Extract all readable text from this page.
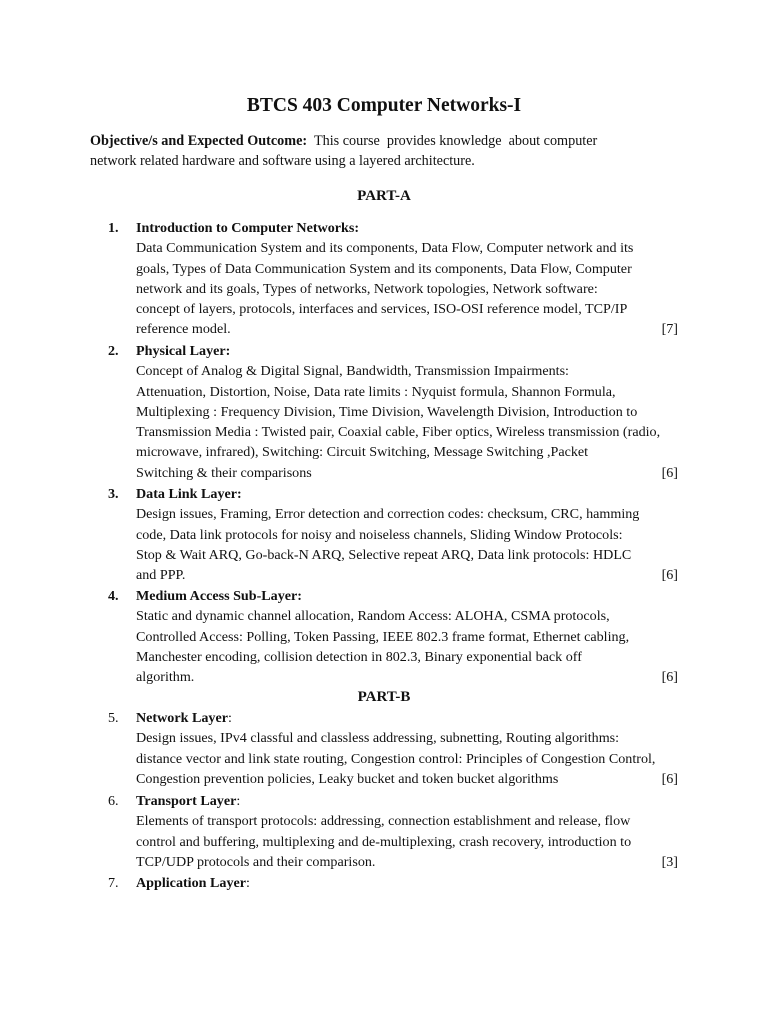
BTCS 403 Computer Networks-I
Objective/s and Expected Outcome:  This course  provides knowledge  about computer
network related hardware and software using a layered architecture.
PART-A
1.	Introduction to Computer Networks:
Data Communication System and its components, Data Flow, Computer network and its
goals, Types of Data Communication System and its components, Data Flow, Computer
network and its goals, Types of networks, Network topologies, Network software:
concept of layers, protocols, interfaces and services, ISO-OSI reference model, TCP/IP
reference model.	[7]
2.	Physical Layer:
Concept of Analog & Digital Signal, Bandwidth, Transmission Impairments:
Attenuation, Distortion, Noise, Data rate limits : Nyquist formula, Shannon Formula,
Multiplexing : Frequency Division, Time Division, Wavelength Division, Introduction to
Transmission Media : Twisted pair, Coaxial cable, Fiber optics, Wireless transmission (radio,
microwave, infrared), Switching: Circuit Switching, Message Switching ,Packet
Switching & their comparisons	[6]
3.	Data Link Layer:
Design issues, Framing, Error detection and correction codes: checksum, CRC, hamming
code, Data link protocols for noisy and noiseless channels, Sliding Window Protocols:
Stop & Wait ARQ, Go-back-N ARQ, Selective repeat ARQ, Data link protocols: HDLC
and PPP.	[6]
4.	Medium Access Sub-Layer:
Static and dynamic channel allocation, Random Access: ALOHA, CSMA protocols,
Controlled Access: Polling, Token Passing, IEEE 802.3 frame format, Ethernet cabling,
Manchester encoding, collision detection in 802.3, Binary exponential back off
algorithm.	[6]
PART-B
5.	Network Layer:
Design issues, IPv4 classful and classless addressing, subnetting, Routing algorithms:
distance vector and link state routing, Congestion control: Principles of Congestion Control,
Congestion prevention policies, Leaky bucket and token bucket algorithms	[6]
6.	Transport Layer:
Elements of transport protocols: addressing, connection establishment and release, flow
control and buffering, multiplexing and de-multiplexing, crash recovery, introduction to
TCP/UDP protocols and their comparison.	[3]
7.	Application Layer:
